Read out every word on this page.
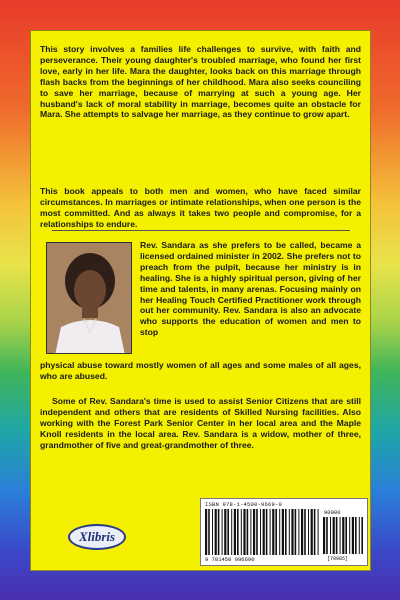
This story involves a families life challenges to survive, with faith and perseverance. Their young daughter's troubled marriage, who found her first love, early in her life. Mara the daughter, looks back on this marriage through flash backs from the beginnings of her childhood. Mara also seeks counciling to save her marriage, because of marrying at such a young age. Her husband's lack of moral stability in marriage, becomes quite an obstacle for Mara. She attempts to salvage her marriage, as they continue to grow apart.

This book appeals to both men and women, who have faced similar circumstances. In marriages or intimate relationships, when one person is the most committed. And as always it takes two people and compromise, for a relationships to endure.

Rev. Sandara as she prefers to be called, became a licensed ordained minister in 2002. She prefers not to preach from the pulpit, because her ministry is in healing. She is a highly spiritual person, giving of her time and talents, in many arenas. Focusing mainly on her Healing Touch Certified Practitioner work through out her community. Rev. Sandara is also an advocate who supports the education of women and men to stop

physical abuse toward mostly women of all ages and some males of all ages, who are abused.

Some of Rev. Sandara's time is used to assist Senior Citizens that are still independent and others that are residents of Skilled Nursing facilities. Also working with the Forest Park Senior Center in her local area and the Maple Knoll residents in the local area. Rev. Sandara is a widow, mother of three, grandmother of five and great-grandmother of three.

ISBN 978-1-4500-9669-0
9 781450 096690
90000
[79985]
Xlibris
